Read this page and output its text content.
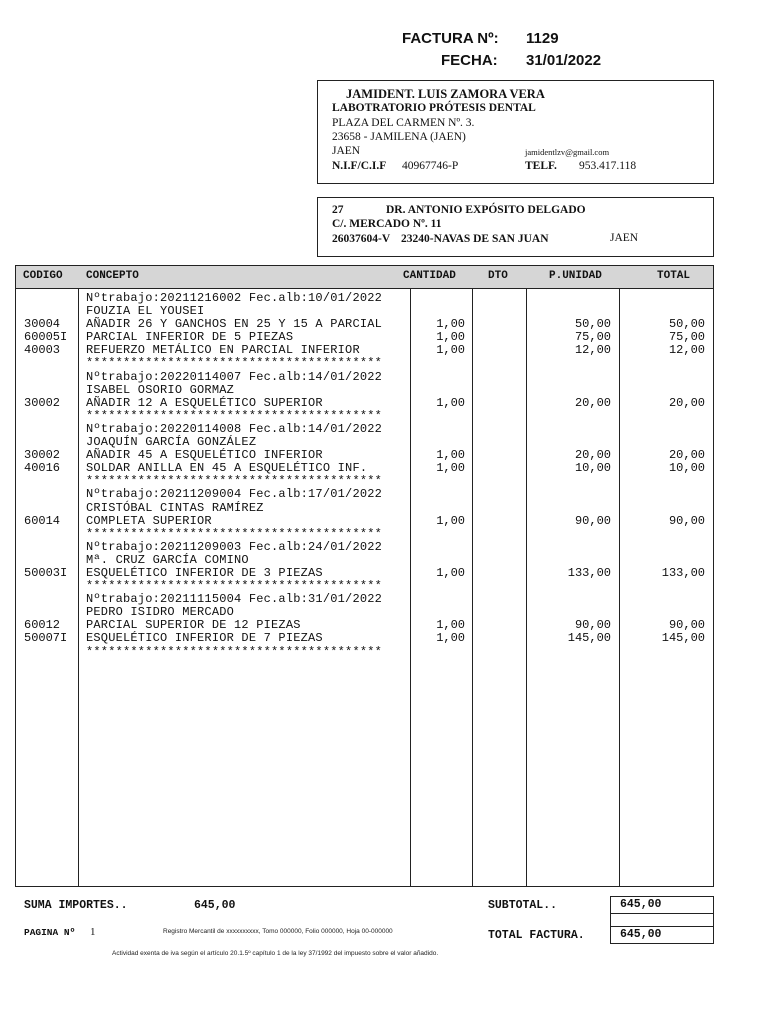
FACTURA Nº: 1129
FECHA: 31/01/2022
JAMIDENT. LUIS ZAMORA VERA
LABOTRATORIO PRÓTESIS DENTAL
PLAZA DEL CARMEN Nº. 3.
23658 - JAMILENA (JAEN)
JAEN	jamidentlzv@gmail.com
N.I.F/C.I.F 40967746-P	TELF. 953.417.118
27	DR. ANTONIO EXPÓSITO DELGADO
C/. MERCADO Nº. 11
26037604-V 23240-NAVAS DE SAN JUAN	JAEN
CODIGO CONCEPTO	CANTIDAD	DTO	P.UNIDAD	TOTAL
Nºtrabajo:20211216002 Fec.alb:10/01/2022
FOUZIA EL YOUSEI
30004 AÑADIR 26 Y GANCHOS EN 25 Y 15 A PARCIAL	1,00	50,00	50,00
60005I PARCIAL INFERIOR DE 5 PIEZAS	1,00	75,00	75,00
40003 REFUERZO METÁLICO EN PARCIAL INFERIOR	1,00	12,00	12,00
****************************************
Nºtrabajo:20220114007 Fec.alb:14/01/2022
ISABEL OSORIO GORMAZ
30002 AÑADIR 12 A ESQUELÉTICO SUPERIOR	1,00	20,00	20,00
****************************************
Nºtrabajo:20220114008 Fec.alb:14/01/2022
JOAQUÍN GARCÍA GONZÁLEZ
30002 AÑADIR 45 A ESQUELÉTICO INFERIOR	1,00	20,00	20,00
40016 SOLDAR ANILLA EN 45 A ESQUELÉTICO INF.	1,00	10,00	10,00
****************************************
Nºtrabajo:20211209004 Fec.alb:17/01/2022
CRISTÓBAL CINTAS RAMÍREZ
60014 COMPLETA SUPERIOR	1,00	90,00	90,00
****************************************
Nºtrabajo:20211209003 Fec.alb:24/01/2022
Mª. CRUZ GARCÍA COMINO
50003I ESQUELÉTICO INFERIOR DE 3 PIEZAS	1,00	133,00	133,00
****************************************
Nºtrabajo:20211115004 Fec.alb:31/01/2022
PEDRO ISIDRO MERCADO
60012 PARCIAL SUPERIOR DE 12 PIEZAS	1,00	90,00	90,00
50007I ESQUELÉTICO INFERIOR DE 7 PIEZAS	1,00	145,00	145,00
****************************************
SUMA IMPORTES..	645,00	SUBTOTAL..	645,00
PAGINA Nº 1	Registro Mercantil de xxxxxxxxxx, Tomo 000000, Folio 000000, Hoja 00-000000	TOTAL FACTURA.	645,00
Actividad exenta de iva según el artículo 20.1.5º capítulo 1 de la ley 37/1992 del impuesto sobre el valor añadido.
